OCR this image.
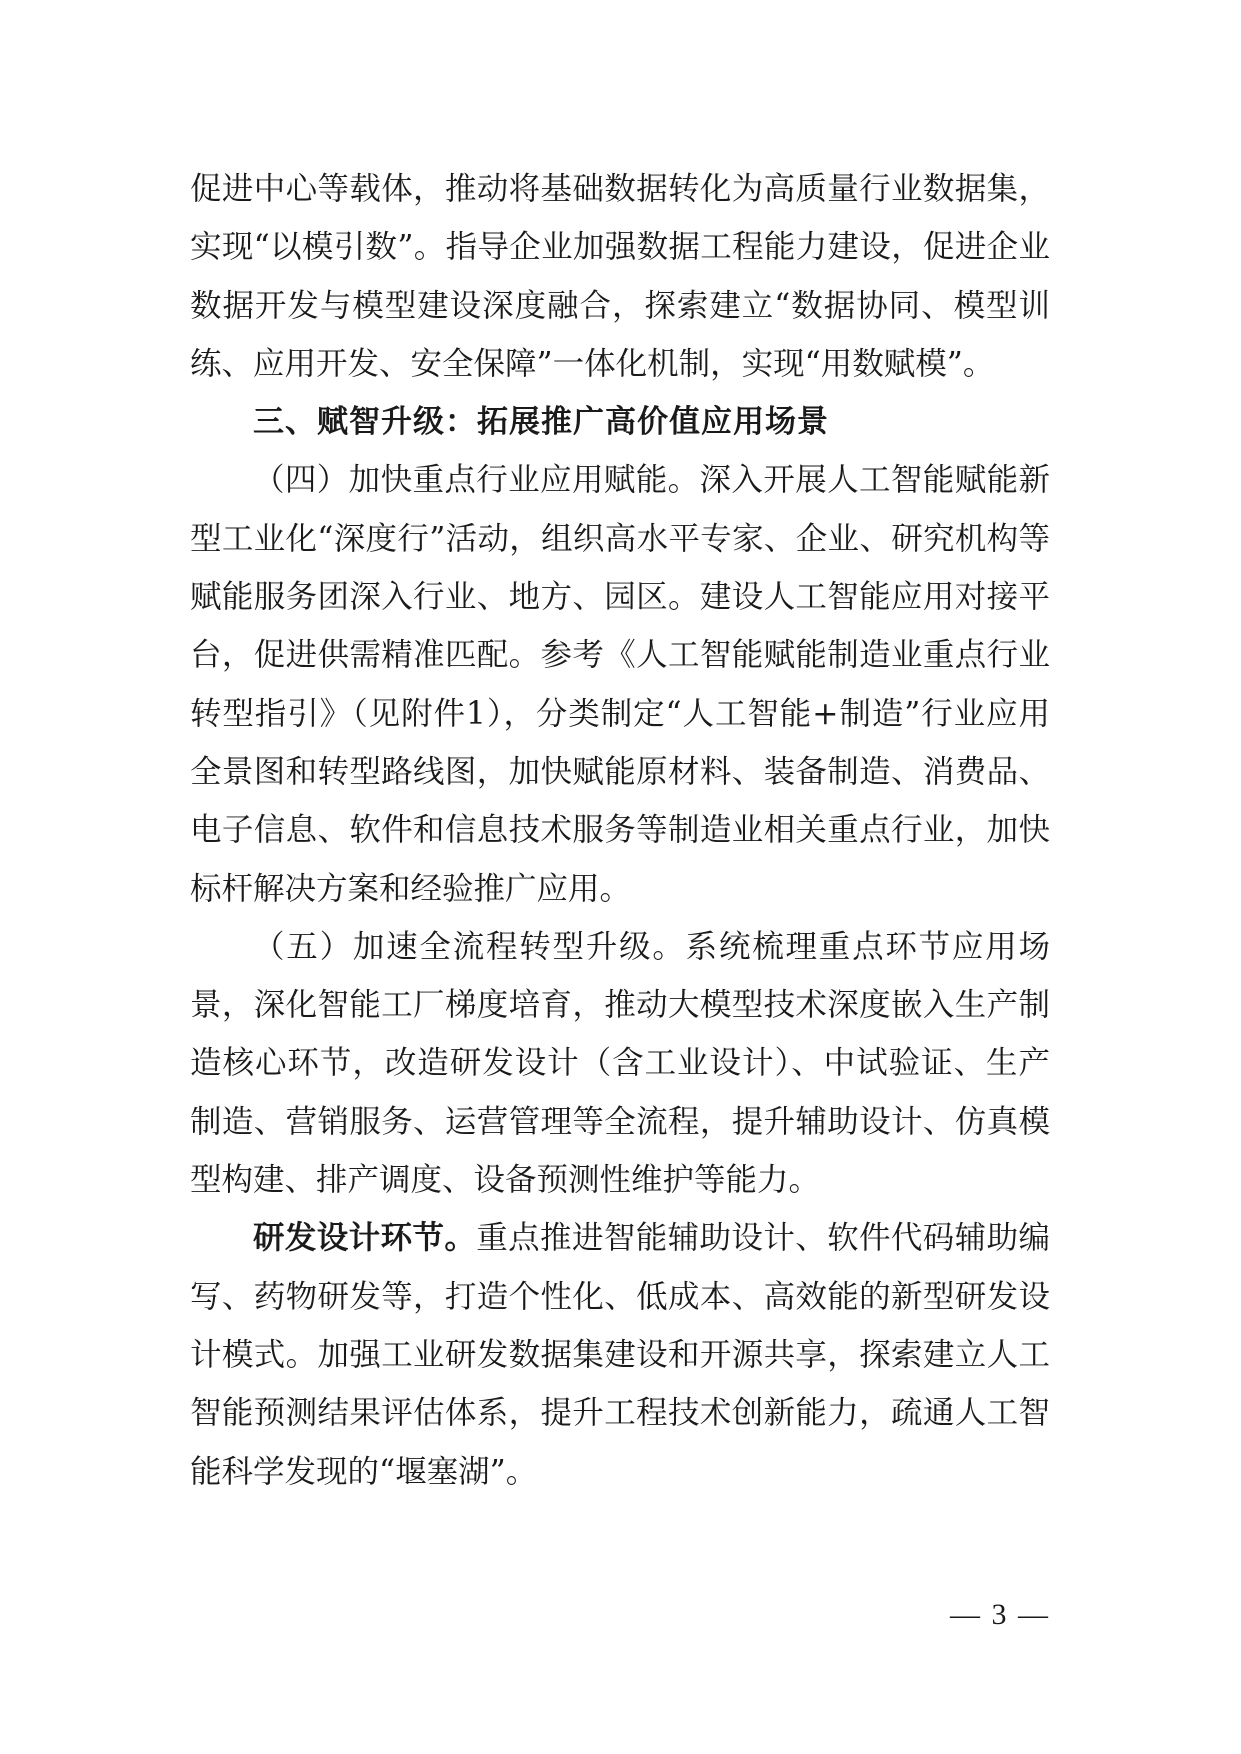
促进中心等载体，推动将基础数据转化为高质量行业数据集，实现“以模引数”。指导企业加强数据工程能力建设，促进企业数据开发与模型建设深度融合，探索建立“数据协同、模型训练、应用开发、安全保障”一体化机制，实现“用数赋模”。

三、赋智升级：拓展推广高价值应用场景

（四）加快重点行业应用赋能。深入开展人工智能赋能新型工业化“深度行”活动，组织高水平专家、企业、研究机构等赋能服务团深入行业、地方、园区。建设人工智能应用对接平台，促进供需精准匹配。参考《人工智能赋能制造业重点行业转型指引》（见附件1），分类制定“人工智能+制造”行业应用全景图和转型路线图，加快赋能原材料、装备制造、消费品、电子信息、软件和信息技术服务等制造业相关重点行业，加快标杆解决方案和经验推广应用。

（五）加速全流程转型升级。系统梳理重点环节应用场景，深化智能工厂梯度培育，推动大模型技术深度嵌入生产制造核心环节，改造研发设计（含工业设计）、中试验证、生产制造、营销服务、运营管理等全流程，提升辅助设计、仿真模型构建、排产调度、设备预测性维护等能力。

研发设计环节。重点推进智能辅助设计、软件代码辅助编写、药物研发等，打造个性化、低成本、高效能的新型研发设计模式。加强工业研发数据集建设和开源共享，探索建立人工智能预测结果评估体系，提升工程技术创新能力，疏通人工智能科学发现的“堰塞湖”。

— 3 —
